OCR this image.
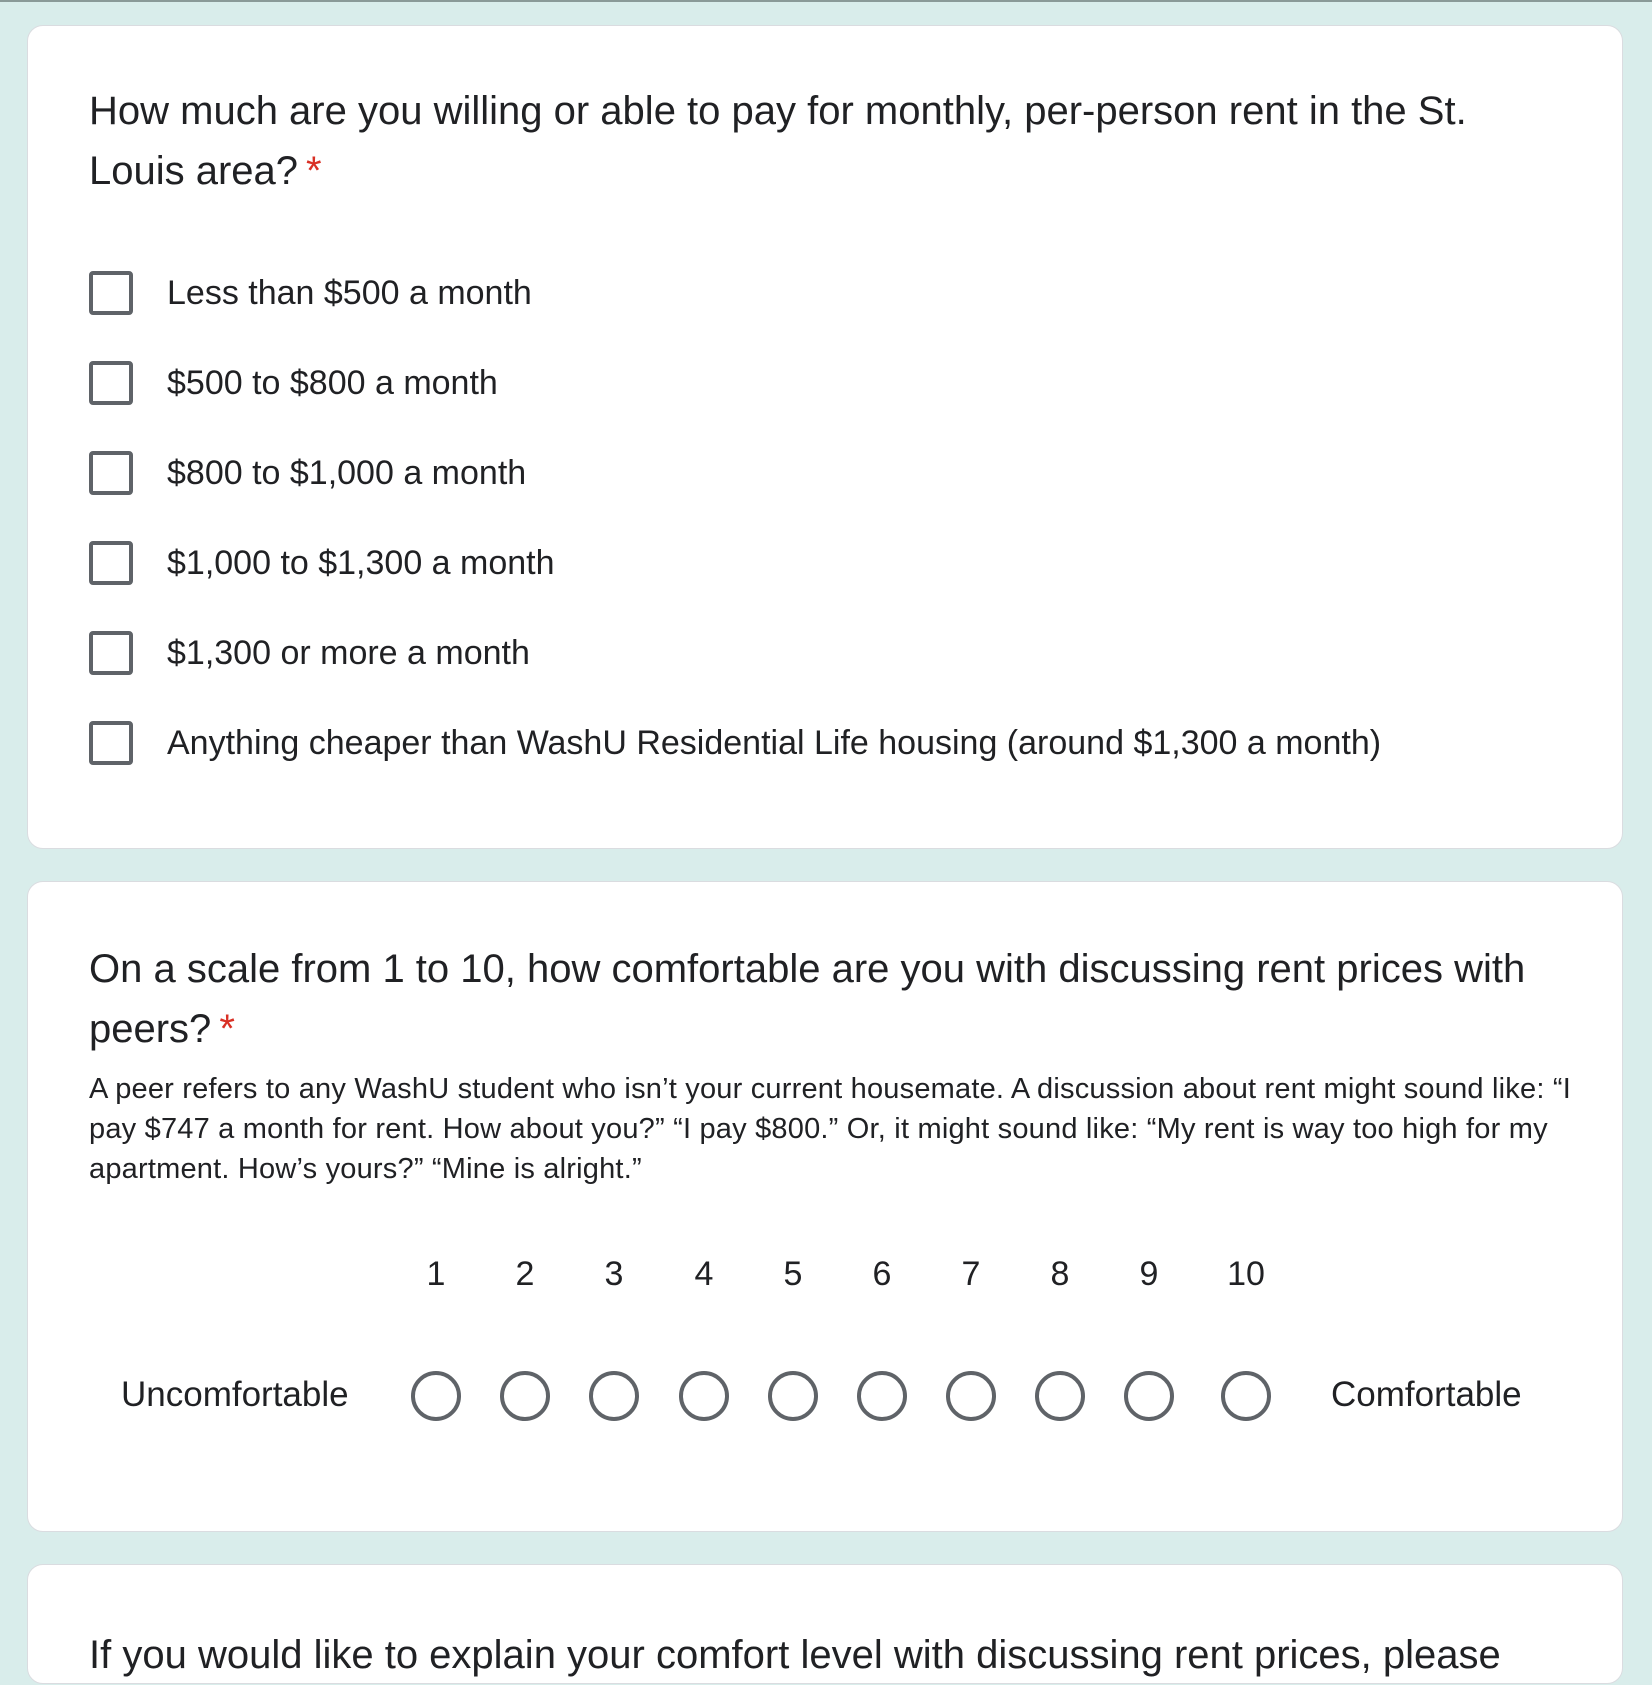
How much are you willing or able to pay for monthly, per-person rent in the St. Louis area? *
Less than $500 a month
$500 to $800 a month
$800 to $1,000 a month
$1,000 to $1,300 a month
$1,300 or more a month
Anything cheaper than WashU Residential Life housing (around $1,300 a month)
On a scale from 1 to 10, how comfortable are you with discussing rent prices with peers? *
A peer refers to any WashU student who isn’t your current housemate. A discussion about rent might sound like: “I pay $747 a month for rent. How about you?” “I pay $800.” Or, it might sound like: “My rent is way too high for my apartment. How’s yours?” “Mine is alright.”
1	2	3	4	5	6	7	8	9	10
Uncomfortable	Comfortable
If you would like to explain your comfort level with discussing rent prices, please
